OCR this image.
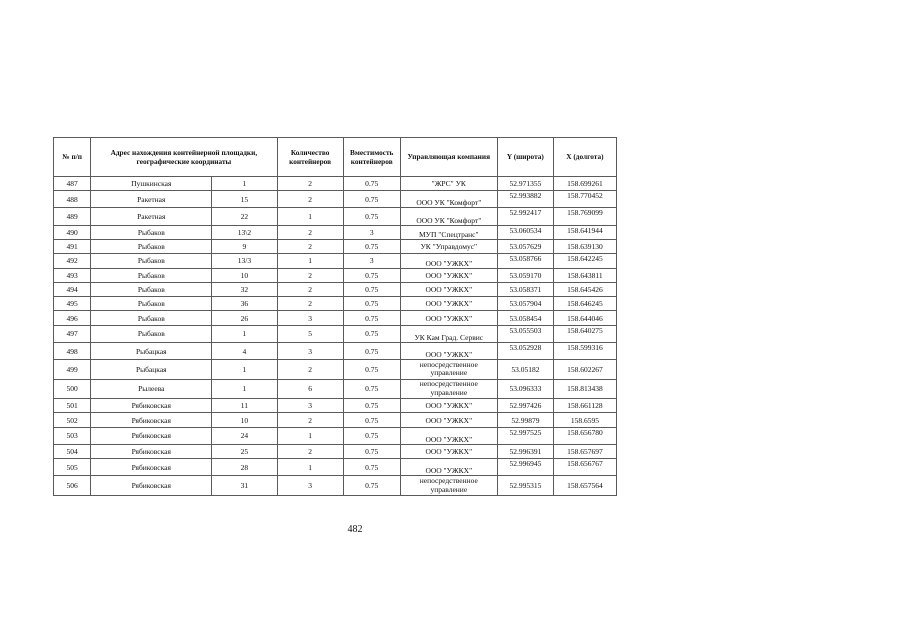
№ п/п	Адрес нахождения контейнерной площадки, географические координаты		Количество контейнеров	Вместимость контейнеров	Управляющая компания	Y (широта)	X (долгота)
487	Пушкинская	1	2	0.75	"ЖРС" УК	52.971355	158.699261
488	Ракетная	15	2	0.75	ООО УК "Комфорт"	52.993882	158.770452
489	Ракетная	22	1	0.75	ООО УК "Комфорт"	52.992417	158.769099
490	Рыбаков	13\2	2	3	МУП "Спецтранс"	53.060534	158.641944
491	Рыбаков	9	2	0.75	УК "Управдомус"	53.057629	158.639130
492	Рыбаков	13/3	1	3	ООО "УЖКХ"	53.058766	158.642245
493	Рыбаков	10	2	0.75	ООО "УЖКХ"	53.059170	158.643811
494	Рыбаков	32	2	0.75	ООО "УЖКХ"	53.058371	158.645426
495	Рыбаков	36	2	0.75	ООО "УЖКХ"	53.057904	158.646245
496	Рыбаков	26	3	0.75	ООО "УЖКХ"	53.058454	158.644046
497	Рыбаков	1	5	0.75	УК Кам Град. Сервис	53.055503	158.640275
498	Рыбацкая	4	3	0.75	ООО "УЖКХ"	53.052928	158.599316
499	Рыбацкая	1	2	0.75	непосредственное управление	53.05182	158.602267
500	Рылеева	1	6	0.75	непосредственное управление	53.096333	158.813438
501	Рябиковская	11	3	0.75	ООО "УЖКХ"	52.997426	158.661128
502	Рябиковская	10	2	0.75	ООО "УЖКХ"	52.99879	158.6595
503	Рябиковская	24	1	0.75	ООО "УЖКХ"	52.997525	158.656780
504	Рябиковская	25	2	0.75	ООО "УЖКХ"	52.996391	158.657697
505	Рябиковская	28	1	0.75	ООО "УЖКХ"	52.996945	158.656767
506	Рябиковская	31	3	0.75	непосредственное управление	52.995315	158.657564
482
